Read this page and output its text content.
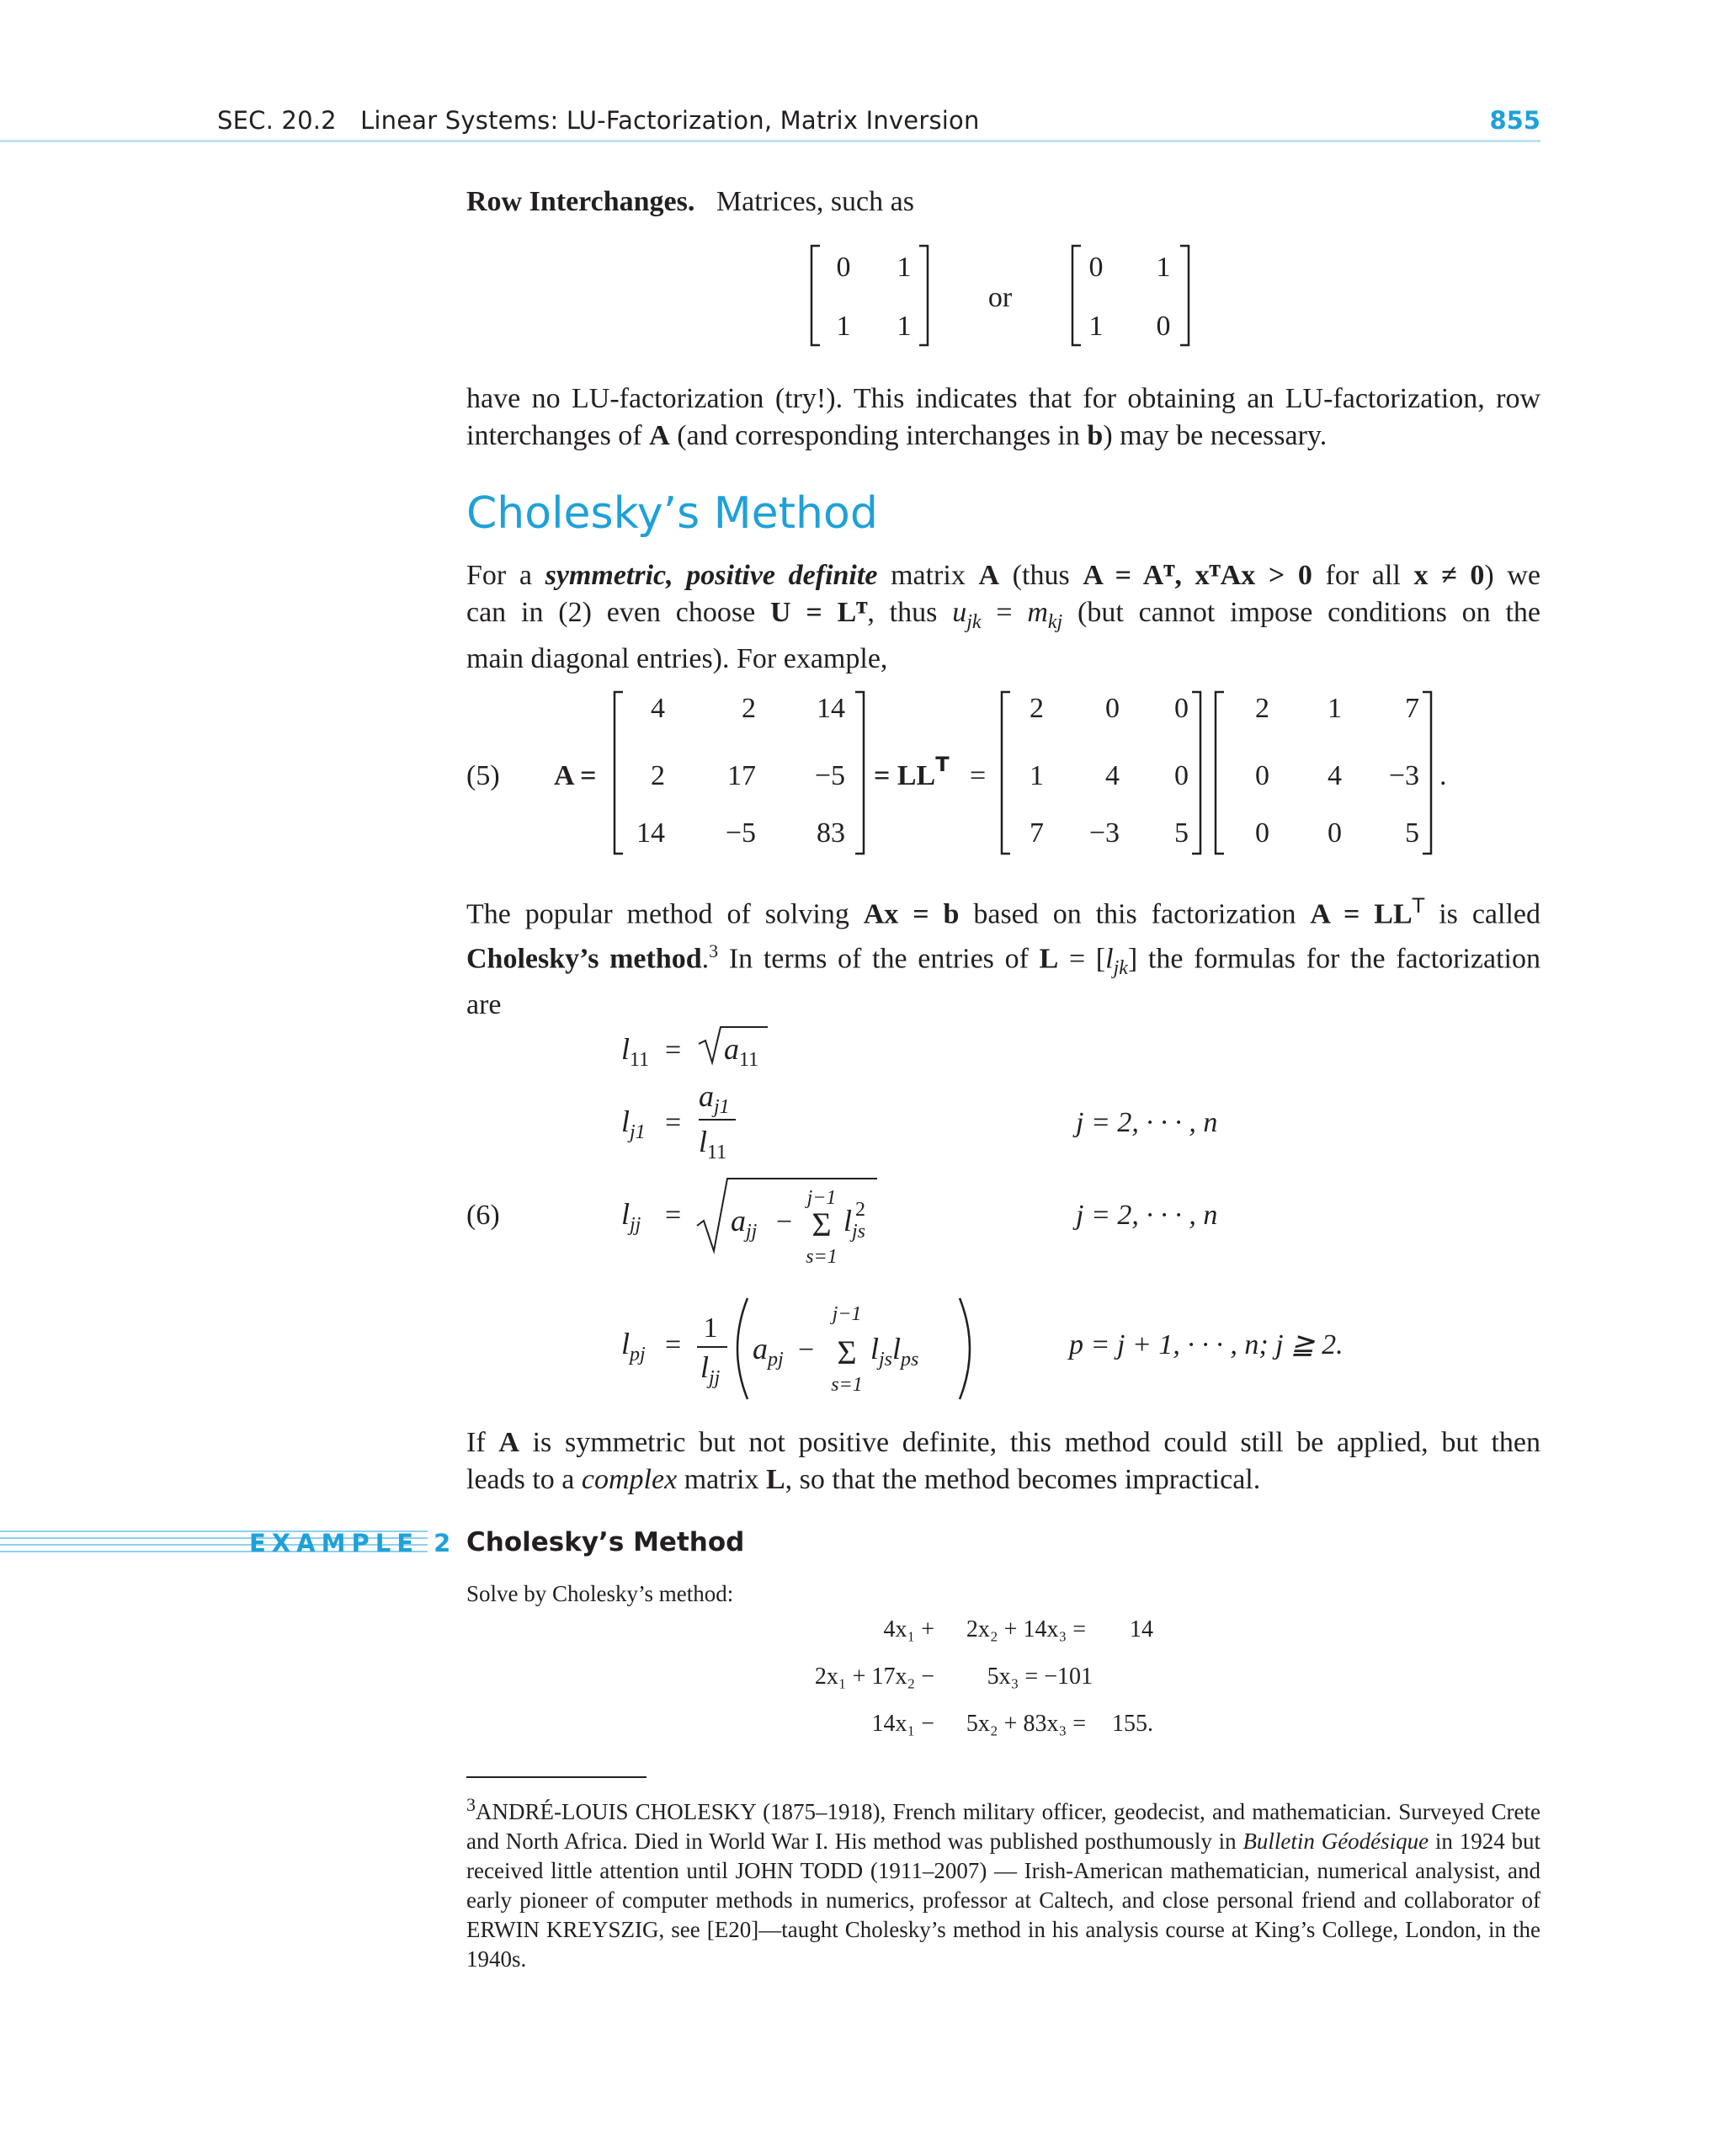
SEC. 20.2 Linear Systems: LU-Factorization, Matrix Inversion	855
Row Interchanges. Matrices, such as
0 1
1 1
or
0 1
1 0
have no LU-factorization (try!). This indicates that for obtaining an LU-factorization, row
interchanges of A (and corresponding interchanges in b) may be necessary.
Cholesky’s Method
For a symmetric, positive definite matrix A (thus A = Aᵀ, xᵀAx > 0 for all x ≠ 0) we
can in (2) even choose U = Lᵀ, thus $u_{jk} = m_{kj}$ (but cannot impose conditions on the
main diagonal entries). For example,
(5) A =
4	2 14
2 17 −5
14 −5 83
= $LL^T$ =
2 0 0
1 4 0
7 −3 5
2 1 7
0 4 −3
0 0 5
.
The popular method of solving Ax = b based on this factorization $A = LL^T$ is called
Cholesky’s method.$^3$ In terms of the entries of $L = [l_{jk}]$ the formulas for the factorization
are
$l_{11} = a_{11}$
$l_{j1}$ =
$a_{j1}$
$l_{11}$
j = 2, · · · , n
(6)	$l_{jj} = a_{jj}$ −
j−1
Σ
s=1
$l_{js}$
2	j = 2, · · · , n
$l_{pj}$ =
1
$l_{jj}$
$a_{pj}$ −
j−1
Σ
s=1
$l_{js}l_{ps}$	p = j + 1, · · · , n; j ≧ 2.
If A is symmetric but not positive definite, this method could still be applied, but then
leads to a complex matrix L, so that the method becomes impractical.
EXAMPLE 2 Cholesky’s Method
Solve by Cholesky’s method:
4x₁ + 2x₂ + 14x₃ = 14
2x₁ + 17x₂ − 5x₃ = −101
14x₁ − 5x₂ + 83x₃ = 155.
$^3$ANDRÉ-LOUIS CHOLESKY (1875–1918), French military officer, geodecist, and mathematician. Surveyed Crete and North Africa. Died in World War I. His method was published posthumously in Bulletin Géodésique in 1924 but received little attention until JOHN TODD (1911–2007) — Irish-American mathematician, numerical analysist, and early pioneer of computer methods in numerics, professor at Caltech, and close personal friend and collaborator of ERWIN KREYSZIG, see [E20]—taught Cholesky’s method in his analysis course at King’s College, London, in the 1940s.
